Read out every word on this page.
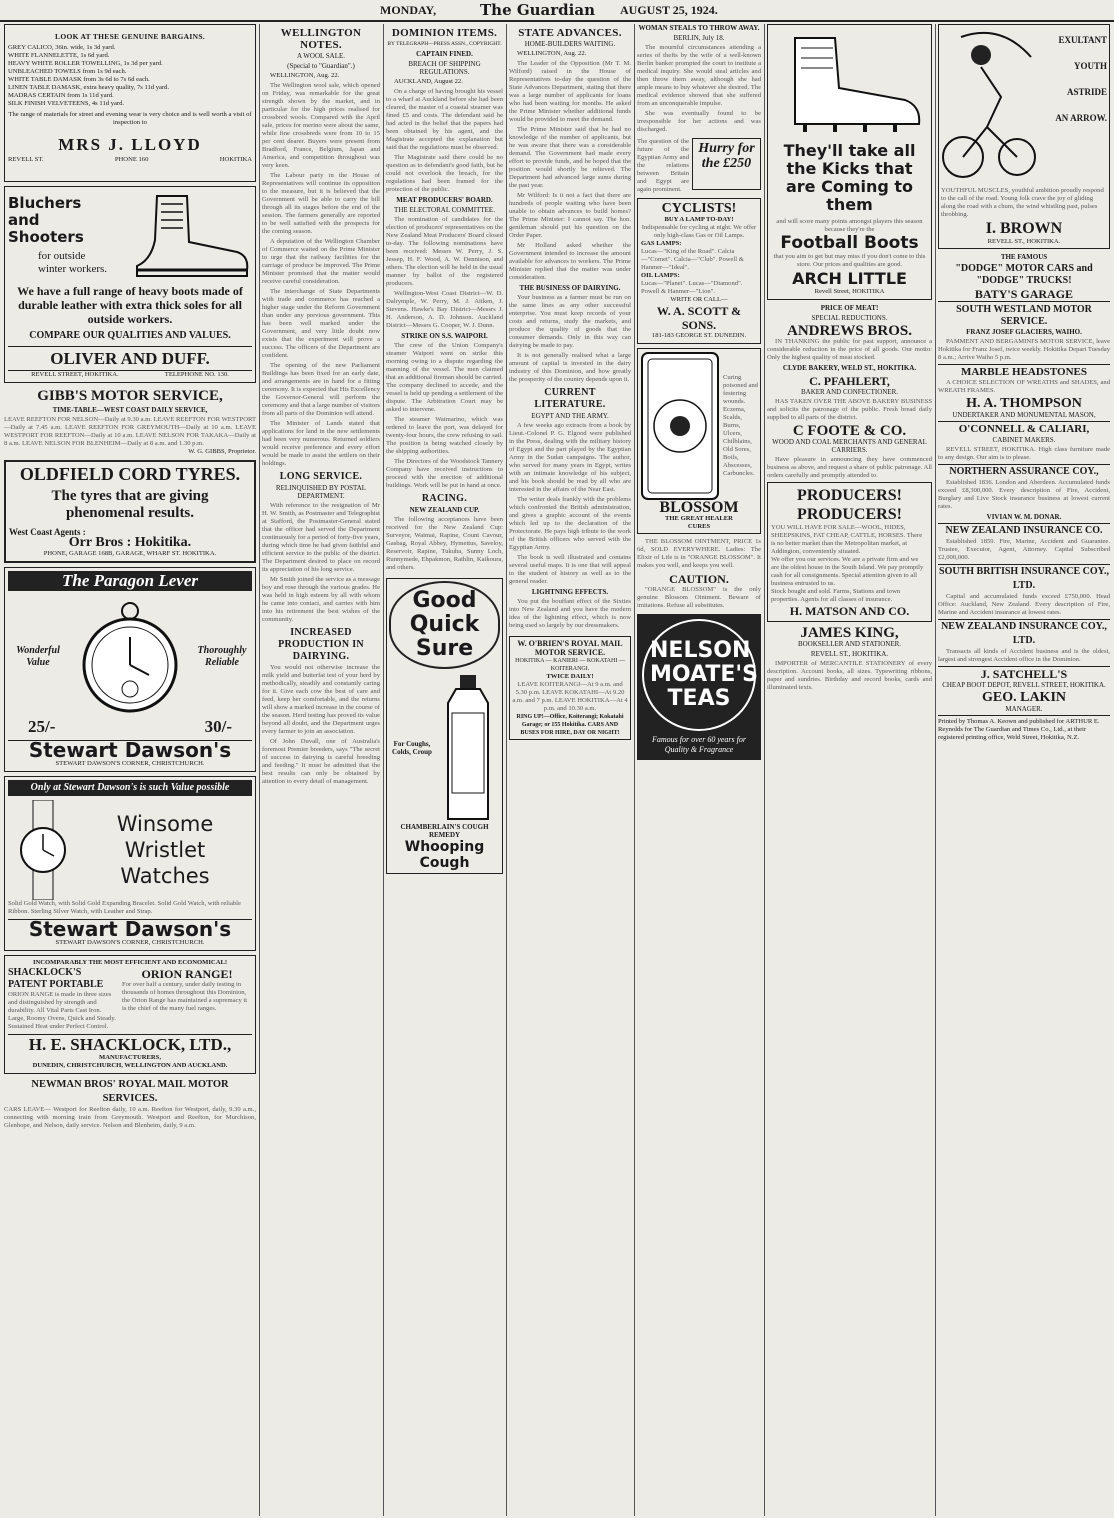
MONDAY,	The Guardian AUGUST 25, 1924.
LOOK AT THESE GENUINE BARGAINS.
GREY CALICO, 36in. wide, 1s 3d yard.
WHITE FLANNELETTE, 1s 6d yard.
HEAVY WHITE ROLLER TOWELLING, 1s 3d per yard.
UNBLEACHED TOWELS from 1s 9d each.
WHITE TABLE DAMASK from 3s 6d to 7s 6d each.
LINEN TABLE DAMASK, extra heavy quality, 7s 11d yard.
MADRAS CERTAIN from 1s 11d yard.
SILK FINISH VELVETEENS, 4s 11d yard.
The range of materials for street and evening wear is very choice and is well worth a visit of inspection to
MRS J. LLOYD
REVELL ST.	PHONE 160	HOKITIKA
Bluchers and Shooters
for outside winter workers.
We have a full range of heavy boots made of durable leather with extra thick soles for all outside workers.
COMPARE OUR QUALITIES AND VALUES.
OLIVER AND DUFF.
REVELL STREET, HOKITIKA.	TELEPHONE NO. 130.
GIBB'S MOTOR SERVICE,
TIME-TABLE—WEST COAST DAILY SERVICE,
LEAVE REEFTON FOR NELSON—Daily at 9.30 a.m. LEAVE REEFTON FOR WESTPORT—Daily at 7.45 a.m. LEAVE REEFTON FOR GREYMOUTH—Daily at 10 a.m. LEAVE WESTPORT FOR REEFTON—Daily at 10 a.m. LEAVE NELSON FOR TAKAKA—Daily at 8 a.m. LEAVE NELSON FOR BLENHEIM—Daily at 8 a.m. and 1.30 p.m.
W. G. GIBBS, Proprietor.
OLDFIELD CORD TYRES.
The tyres that are giving phenomenal results.
West Coast Agents :
Orr Bros : Hokitika.
PHONE, GARAGE 168B, GARAGE, WHARF ST. HOKITIKA.
The Paragon Lever
Wonderful Value
Thoroughly Reliable
25/-	30/-
Stewart Dawson's
STEWART DAWSON'S CORNER, CHRISTCHURCH.
Only at Stewart Dawson's is such Value possible
Winsome Wristlet Watches
Solid Gold Watch, with Solid Gold Expanding Bracelet. Solid Gold Watch, with reliable Ribbon. Sterling Silver Watch, with Leather and Strap.
Stewart Dawson's
STEWART DAWSON'S CORNER, CHRISTCHURCH.
INCOMPARABLY THE MOST EFFICIENT AND ECONOMICAL!
SHACKLOCK'S PATENT PORTABLE
ORION RANGE is made in three sizes and distinguished by strength and durability. All Vital Parts Cast Iron. Large, Roomy Ovens, Quick and Steady. Sustained Heat under Perfect Control.
ORION RANGE!
For over half a century, under daily testing in thousands of homes throughout this Dominion, the Orion Range has maintained a supremacy it is the chief of the many fuel ranges.
H. E. SHACKLOCK, LTD.,
MANUFACTURERS,
DUNEDIN, CHRISTCHURCH, WELLINGTON AND AUCKLAND.
NEWMAN BROS' ROYAL MAIL MOTOR SERVICES.
CARS LEAVE— Westport for Reefton daily, 10 a.m. Reefton for Westport, daily, 9.30 a.m., connecting with morning train from Greymouth. Westport and Reefton, for Murchison, Glenhope, and Nelson, daily service. Nelson and Blenheim, daily, 9 a.m.
WELLINGTON NOTES.
A WOOL SALE.
(Special to "Guardian".)
WELLINGTON, Aug. 22.
The Wellington wool sale, which opened on Friday, was remarkable for the great strength shown by the market, and in particular for the high prices realised for crossbred wools. Compared with the April sale, prices for merino were about the same, while fine crossbreds were from 10 to 15 per cent dearer. Buyers were present from Bradford, France, Belgium, Japan and America, and competition throughout was very keen.
The Labour party in the House of Representatives will continue its opposition to the measure, but it is believed that the Government will be able to carry the bill through all its stages before the end of the session. The farmers generally are reported to be well satisfied with the prospects for the coming season.
A deputation of the Wellington Chamber of Commerce waited on the Prime Minister to urge that the railway facilities for the carriage of produce be improved. The Prime Minister promised that the matter would receive careful consideration.
The interchange of State Departments with trade and commerce has reached a higher stage under the Reform Government than under any previous government. This has been well marked under the Government, and very little doubt now exists that the experiment will prove a success. The officers of the Department are confident.
The opening of the new Parliament Buildings has been fixed for an early date, and arrangements are in hand for a fitting ceremony. It is expected that His Excellency the Governor-General will perform the ceremony and that a large number of visitors from all parts of the Dominion will attend.
The Minister of Lands stated that applications for land in the new settlements had been very numerous. Returned soldiers would receive preference and every effort would be made to assist the settlers on their holdings.
LONG SERVICE.
RELINQUISHED BY POSTAL DEPARTMENT.
With reference to the resignation of Mr H. W. Smith, as Postmaster and Telegraphist at Stafford, the Postmaster-General stated that the officer had served the Department continuously for a period of forty-five years, during which time he had given faithful and efficient service to the public of the district. The Department desired to place on record its appreciation of his long service.
Mr Smith joined the service as a message boy and rose through the various grades. He was held in high esteem by all with whom he came into contact, and carries with him into his retirement the best wishes of the community.
INCREASED PRODUCTION IN DAIRYING.
You would not otherwise increase the milk yield and butterfat test of your herd by methodically, steadily and constantly caring for it. Give each cow the best of care and feed, keep her comfortable, and the returns will show a marked increase in the course of the season. Herd testing has proved its value beyond all doubt, and the Department urges every farmer to join an association.
Of John Duvall, one of Australia's foremost Premier breeders, says "The secret of success in dairying is careful breeding and feeding." It must be admitted that the best results can only be obtained by attention to every detail of management.
DOMINION ITEMS.
BY TELEGRAPH—PRESS ASSN., COPYRIGHT.
CAPTAIN FINED.
BREACH OF SHIPPING REGULATIONS.
AUCKLAND, August 22.
On a charge of having brought his vessel to a wharf at Auckland before she had been cleared, the master of a coastal steamer was fined £5 and costs. The defendant said he had acted in the belief that the papers had been obtained by his agent, and the Magistrate accepted the explanation but said that the regulations must be observed.
The Magistrate said there could be no question as to defendant's good faith, but he could not overlook the breach, for the regulations had been framed for the protection of the public.
MEAT PRODUCERS' BOARD.
THE ELECTORAL COMMITTEE.
The nomination of candidates for the election of producers' representatives on the New Zealand Meat Producers' Board closed to-day. The following nominations have been received: Messrs W. Perry, J. S. Jessep, H. F. Wood, A. W. Dennison, and others. The election will be held in the usual manner by ballot of the registered producers.
Wellington-West Coast District—W. D. Dalrymple, W. Perry, M. J. Aitken, J. Stevens. Hawke's Bay District—Messrs J. H. Anderson, A. D. Johnson. Auckland District—Messrs G. Cooper, W. J. Dunn.
STRIKE ON S.S. WAIPORI.
The crew of the Union Company's steamer Waipori went on strike this morning owing to a dispute regarding the manning of the vessel. The men claimed that an additional fireman should be carried. The company declined to accede, and the vessel is held up pending a settlement of the dispute. The Arbitration Court may be asked to intervene.
The steamer Waimarino, which was ordered to leave the port, was delayed for twenty-four hours, the crew refusing to sail. The position is being watched closely by the shipping authorities.
The Directors of the Woodstock Tannery Company have received instructions to proceed with the erection of additional buildings. Work will be put in hand at once.
RACING.
NEW ZEALAND CUP.
The following acceptances have been received for the New Zealand Cup: Surveyor, Waimai, Rapine, Count Cavour, Gasbag, Royal Abbey, Hymettus, Saveloy, Reservoir, Rapine, Tukuha, Sunny Loch, Runnymede, Ehpakmon, Rathlin, Kaikoura, and others.
Good
Quick
Sure
For Coughs, Colds, Croup
CHAMBERLAIN'S COUGH REMEDY
Whooping Cough
STATE ADVANCES.
HOME-BUILDERS WAITING.
WELLINGTON, Aug. 22.
The Leader of the Opposition (Mr T. M. Wilford) raised in the House of Representatives to-day the question of the State Advances Department, stating that there was a large number of applicants for loans who had been waiting for months. He asked the Prime Minister whether additional funds would be provided to meet the demand.
The Prime Minister said that he had no knowledge of the number of applicants, but he was aware that there was a considerable demand. The Government had made every effort to provide funds, and he hoped that the position would shortly be relieved. The Department had advanced large sums during the past year.
Mr Wilford: Is it not a fact that there are hundreds of people waiting who have been unable to obtain advances to build homes? The Prime Minister: I cannot say. The hon. gentleman should put his question on the Order Paper.
Mr Holland asked whether the Government intended to increase the amount available for advances to workers. The Prime Minister replied that the matter was under consideration.
THE BUSINESS OF DAIRYING.
Your business as a farmer must be run on the same lines as any other successful enterprise. You must keep records of your costs and returns, study the markets, and produce the quality of goods that the consumer demands. Only in this way can dairying be made to pay.
It is not generally realised what a large amount of capital is invested in the dairy industry of this Dominion, and how greatly the prosperity of the country depends upon it.
CURRENT LITERATURE.
EGYPT AND THE ARMY.
A few weeks ago extracts from a book by Lieut.-Colonel P. G. Elgood were published in the Press, dealing with the military history of Egypt and the part played by the Egyptian Army in the Sudan campaigns. The author, who served for many years in Egypt, writes with an intimate knowledge of his subject, and his book should be read by all who are interested in the affairs of the Near East.
The writer deals frankly with the problems which confronted the British administration, and gives a graphic account of the events which led up to the declaration of the Protectorate. He pays high tribute to the work of the British officers who served with the Egyptian Army.
The book is well illustrated and contains several useful maps. It is one that will appeal to the student of history as well as to the general reader.
LIGHTNING EFFECTS.
You put the bouffant effect of the Sixties into New Zealand and you have the modern idea of the lightning effect, which is now being used so largely by our dressmakers.
W. O'BRIEN'S ROYAL MAIL MOTOR SERVICE.
HOKITIKA — KANIERI — KOKATAHI — KOITERANGI.
TWICE DAILY!
LEAVE KOITERANGI—At 9 a.m. and 5.30 p.m. LEAVE KOKATAHI—At 9.20 a.m. and 7 p.m. LEAVE HOKITIKA—At 4 p.m. and 10.30 a.m.
RING UP!—Office, Koiterangi; Kokatahi Garage; or 155 Hokitika. CARS AND BUSES FOR HIRE, DAY OR NIGHT!
WOMAN STEALS TO THROW AWAY.
BERLIN, July 18.
The mournful circumstances attending a series of thefts by the wife of a well-known Berlin banker prompted the court to institute a medical inquiry. She would steal articles and then throw them away, although she had ample means to buy whatever she desired. The medical evidence showed that she suffered from an unconquerable impulse.
She was eventually found to be irresponsible for her actions and was discharged.
The question of the future of the Egyptian Army and the relations between Britain and Egypt are again prominent.
Hurry for the £250
CYCLISTS!
BUY A LAMP TO-DAY!
Indispensable for cycling at night. We offer only high-class Gas or Oil Lamps.
GAS LAMPS:
Lucas—"King of the Road". Calcia—"Comet". Calcia—"Club". Powell & Hanmer—"Ideal".
OIL LAMPS:
Lucas—"Planet". Lucas—"Diamond". Powell & Hanmer—"Lion".
WRITE OR CALL—
W. A. SCOTT & SONS.
181-183 GEORGE ST. DUNEDIN.
Curing poisoned and festering wounds. Eczema, Scalds, Burns, Ulcers, Chilblains, Old Sores, Boils, Abscesses, Carbuncles.
BLOSSOM
THE GREAT HEALER
CURES
THE BLOSSOM OINTMENT, PRICE 1s 6d, SOLD EVERYWHERE. Ladies: The Elixir of Life is in "ORANGE BLOSSOM". It makes you well, and keeps you well.
CAUTION.
"ORANGE BLOSSOM" is the only genuine Blossom Ointment. Beware of imitations. Refuse all substitutes.
NELSON MOATE'S TEAS
Famous for over 60 years for Quality & Fragrance
They'll take all the Kicks that are Coming to them
and will score many points amongst players this season because they're the
Football Boots
that you aim to get but may miss if you don't come to this store. Our prices and qualities are good.
ARCH LITTLE
Revell Street, HOKITIKA
PRICE OF MEAT!
SPECIAL REDUCTIONS.
ANDREWS BROS.
IN THANKING the public for past support, announce a considerable reduction in the price of all goods. Our motto: Only the highest quality of meat stocked.
CLYDE BAKERY, WELD ST., HOKITIKA.
C. PFAHLERT,
BAKER AND CONFECTIONER.
HAS TAKEN OVER THE ABOVE BAKERY BUSINESS and solicits the patronage of the public. Fresh bread daily supplied to all parts of the district.
C FOOTE & CO.
WOOD AND COAL MERCHANTS AND GENERAL CARRIERS.
Have pleasure in announcing they have commenced business as above, and request a share of public patronage. All orders carefully and promptly attended to.
PRODUCERS! PRODUCERS!
YOU WILL HAVE FOR SALE—WOOL, HIDES, SHEEPSKINS, FAT CHEAP, CATTLE, HORSES. There is no better market than the Metropolitan market, at Addington, conveniently situated.
We offer you our services. We are a private firm and we are the oldest house in the South Island. We pay promptly cash for all consignments. Special attention given to all business entrusted to us.
Stock bought and sold. Farms, Stations and town properties. Agents for all classes of insurance.
H. MATSON AND CO.
JAMES KING,
BOOKSELLER AND STATIONER.
REVELL ST., HOKITIKA.
IMPORTER of MERCANTILE STATIONERY of every description. Account books, all sizes. Typewriting ribbons, paper and sundries. Birthday and record books, cards and illuminated texts.
EXULTANT
YOUTH
ASTRIDE
AN ARROW.
YOUTHFUL MUSCLES, youthful ambition proudly respond to the call of the road. Young folk crave the joy of gliding along the road with a chum, the wind whistling past, pulses throbbing.
I. BROWN
REVELL ST., HOKITIKA.
THE FAMOUS
"DODGE" MOTOR CARS and "DODGE" TRUCKS!
BATY'S GARAGE
SOUTH WESTLAND MOTOR SERVICE.
FRANZ JOSEF GLACIERS, WAIHO.
PAMMENT AND BERGAMINI'S MOTOR SERVICE, leave Hokitika for Franz Josef, twice weekly. Hokitika Depart Tuesday 8 a.m.; Arrive Waiho 5 p.m.
MARBLE HEADSTONES
A CHOICE SELECTION OF WREATHS and SHADES, and WREATH FRAMES.
H. A. THOMPSON
UNDERTAKER AND MONUMENTAL MASON,
O'CONNELL & CALIARI,
CABINET MAKERS.
REVELL STREET, HOKITIKA. High class furniture made to any design. Our aim is to please.
NORTHERN ASSURANCE COY.,
Established 1836. London and Aberdeen. Accumulated funds exceed £8,300,000. Every description of Fire, Accident, Burglary and Live Stock insurance business at lowest current rates.
VIVIAN W. M. DONAR.
NEW ZEALAND INSURANCE CO.
Established 1859. Fire, Marine, Accident and Guarantee. Trustee, Executor, Agent, Attorney. Capital Subscribed £2,000,000.
SOUTH BRITISH INSURANCE COY., LTD.
Capital and accumulated funds exceed £750,000. Head Office: Auckland, New Zealand. Every description of Fire, Marine and Accident insurance at lowest rates.
NEW ZEALAND INSURANCE COY., LTD.
Transacts all kinds of Accident business and is the oldest, largest and strongest Accident office in the Dominion.
J. SATCHELL'S
CHEAP BOOT DEPOT, REVELL STREET, HOKITIKA.
GEO. LAKIN
MANAGER.
Printed by Thomas A. Keown and published for ARTHUR E. Reynolds for The Guardian and Times Co., Ltd., at their registered printing office, Weld Street, Hokitika, N.Z.
